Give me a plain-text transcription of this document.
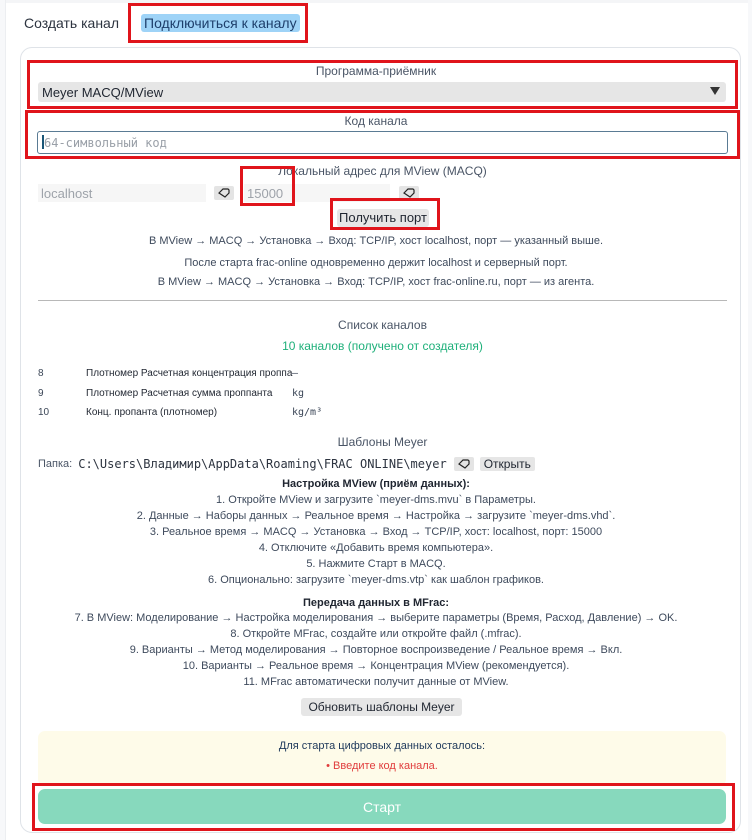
Создать канал Подключиться к каналу
Программа-приёмник
Meyer MACQ/MView
Код канала
64-символьный код
Локальный адрес для MView (MACQ)
localhost	15000
Получить порт
В MView → MACQ → Установка → Вход: TCP/IP, хост localhost, порт — указанный выше.
После старта frac-online одновременно держит localhost и серверный порт.
В MView → MACQ → Установка → Вход: TCP/IP, хост frac-online.ru, порт — из агента.
Список каналов
10 каналов (получено от создателя)
8	Плотномер Расчетная концентрация проппа –
9	Плотномер Расчетная сумма проппанта kg
10	Конц. пропанта (плотномер)	kg/m³
Шаблоны Meyer
Папка: C:\Users\Владимир\AppData\Roaming\FRAC ONLINE\meyer	Открыть
Настройка MView (приём данных):
1. Откройте MView и загрузите `meyer-dms.mvu` в Параметры.
2. Данные → Наборы данных → Реальное время → Настройка → загрузите `meyer-dms.vhd`.
3. Реальное время → MACQ → Установка → Вход → TCP/IP, хост: localhost, порт: 15000
4. Отключите «Добавить время компьютера».
5. Нажмите Старт в MACQ.
6. Опционально: загрузите `meyer-dms.vtp` как шаблон графиков.
Передача данных в MFrac:
7. В MView: Моделирование → Настройка моделирования → выберите параметры (Время, Расход, Давление) → OK.
8. Откройте MFrac, создайте или откройте файл (.mfrac).
9. Варианты → Метод моделирования → Повторное воспроизведение / Реальное время → Вкл.
10. Варианты → Реальное время → Концентрация MView (рекомендуется).
11. MFrac автоматически получит данные от MView.
Обновить шаблоны Meyer
Для старта цифровых данных осталось:
• Введите код канала.
Старт
